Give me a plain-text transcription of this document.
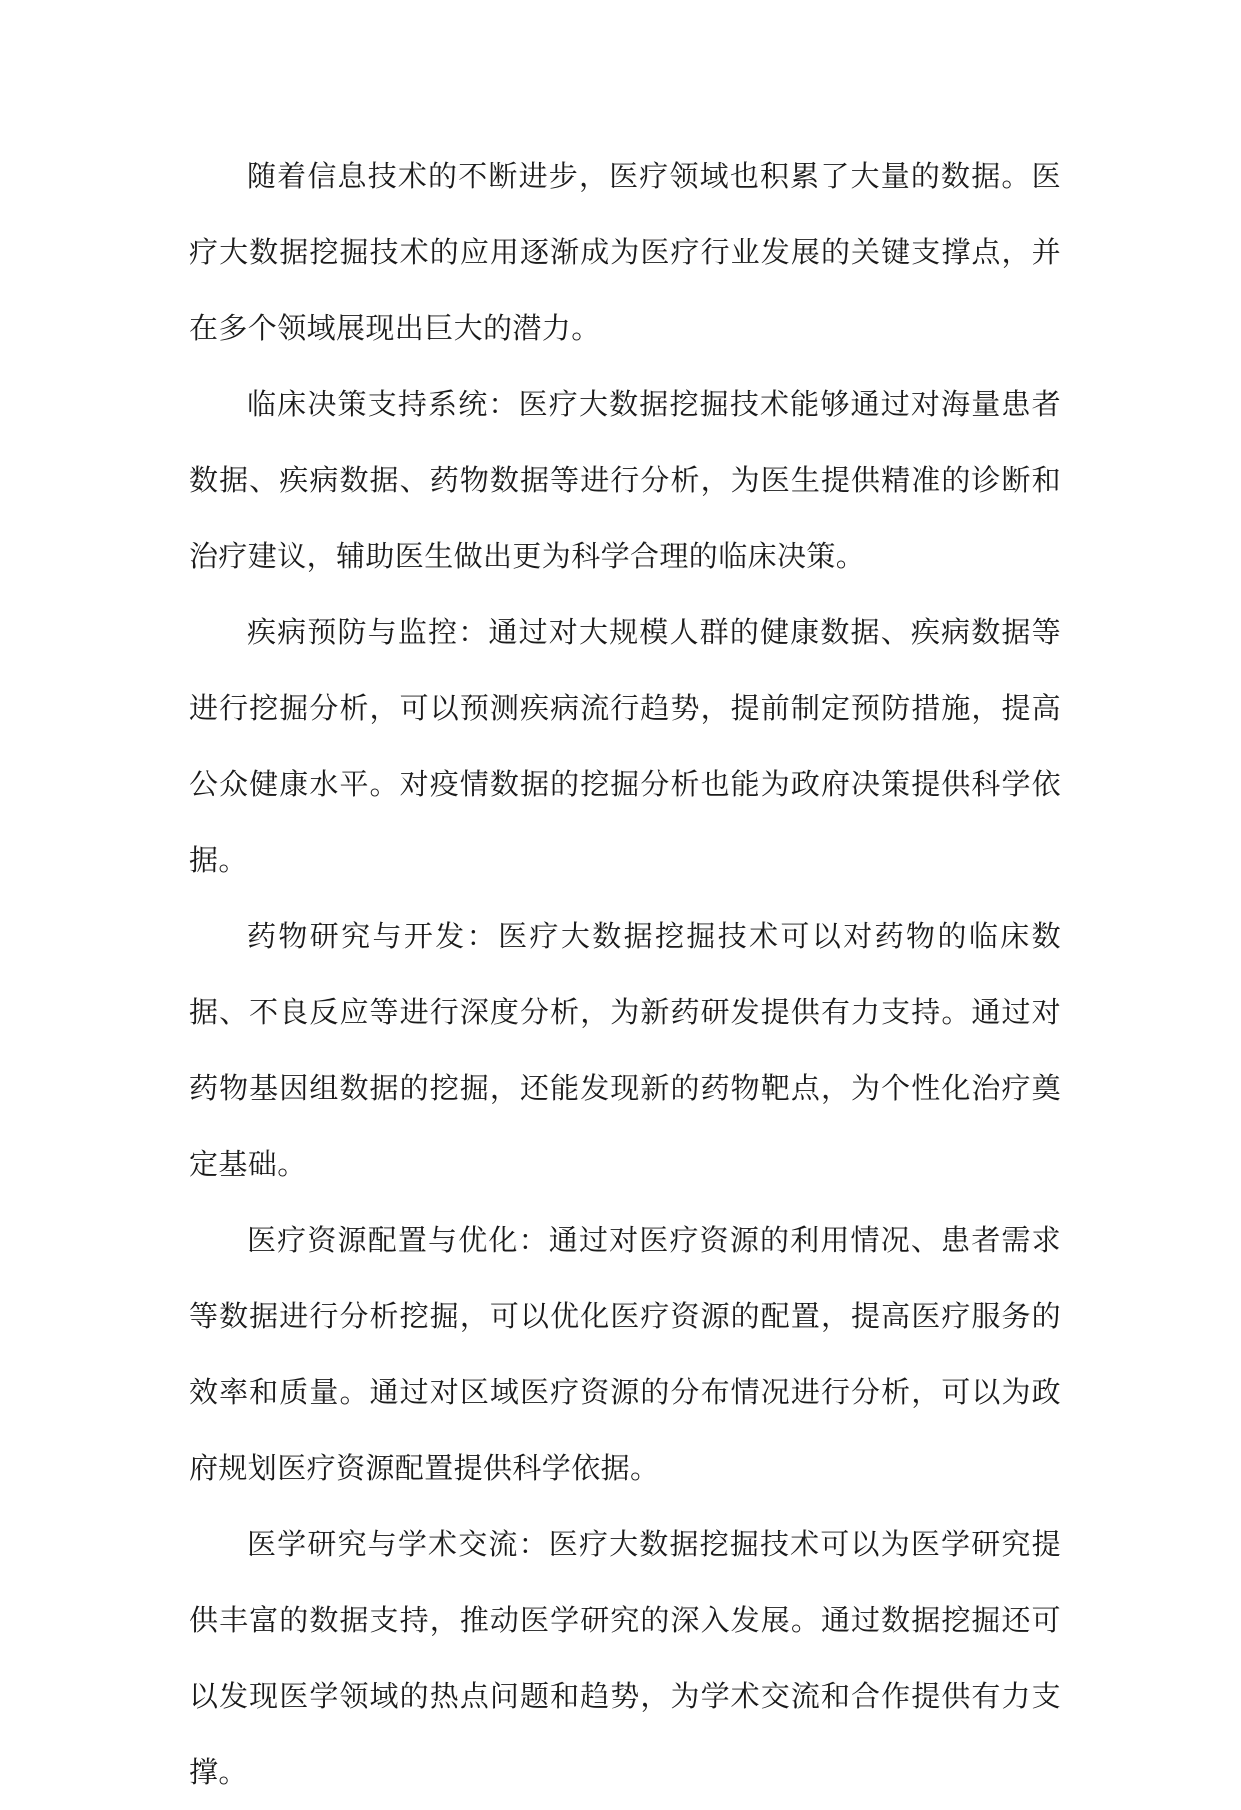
随着信息技术的不断进步，医疗领域也积累了大量的数据。医疗大数据挖掘技术的应用逐渐成为医疗行业发展的关键支撑点，并在多个领域展现出巨大的潜力。

临床决策支持系统：医疗大数据挖掘技术能够通过对海量患者数据、疾病数据、药物数据等进行分析，为医生提供精准的诊断和治疗建议，辅助医生做出更为科学合理的临床决策。

疾病预防与监控：通过对大规模人群的健康数据、疾病数据等进行挖掘分析，可以预测疾病流行趋势，提前制定预防措施，提高公众健康水平。对疫情数据的挖掘分析也能为政府决策提供科学依据。

药物研究与开发：医疗大数据挖掘技术可以对药物的临床数据、不良反应等进行深度分析，为新药研发提供有力支持。通过对药物基因组数据的挖掘，还能发现新的药物靶点，为个性化治疗奠定基础。

医疗资源配置与优化：通过对医疗资源的利用情况、患者需求等数据进行分析挖掘，可以优化医疗资源的配置，提高医疗服务的效率和质量。通过对区域医疗资源的分布情况进行分析，可以为政府规划医疗资源配置提供科学依据。

医学研究与学术交流：医疗大数据挖掘技术可以为医学研究提供丰富的数据支持，推动医学研究的深入发展。通过数据挖掘还可以发现医学领域的热点问题和趋势，为学术交流和合作提供有力支撑。
